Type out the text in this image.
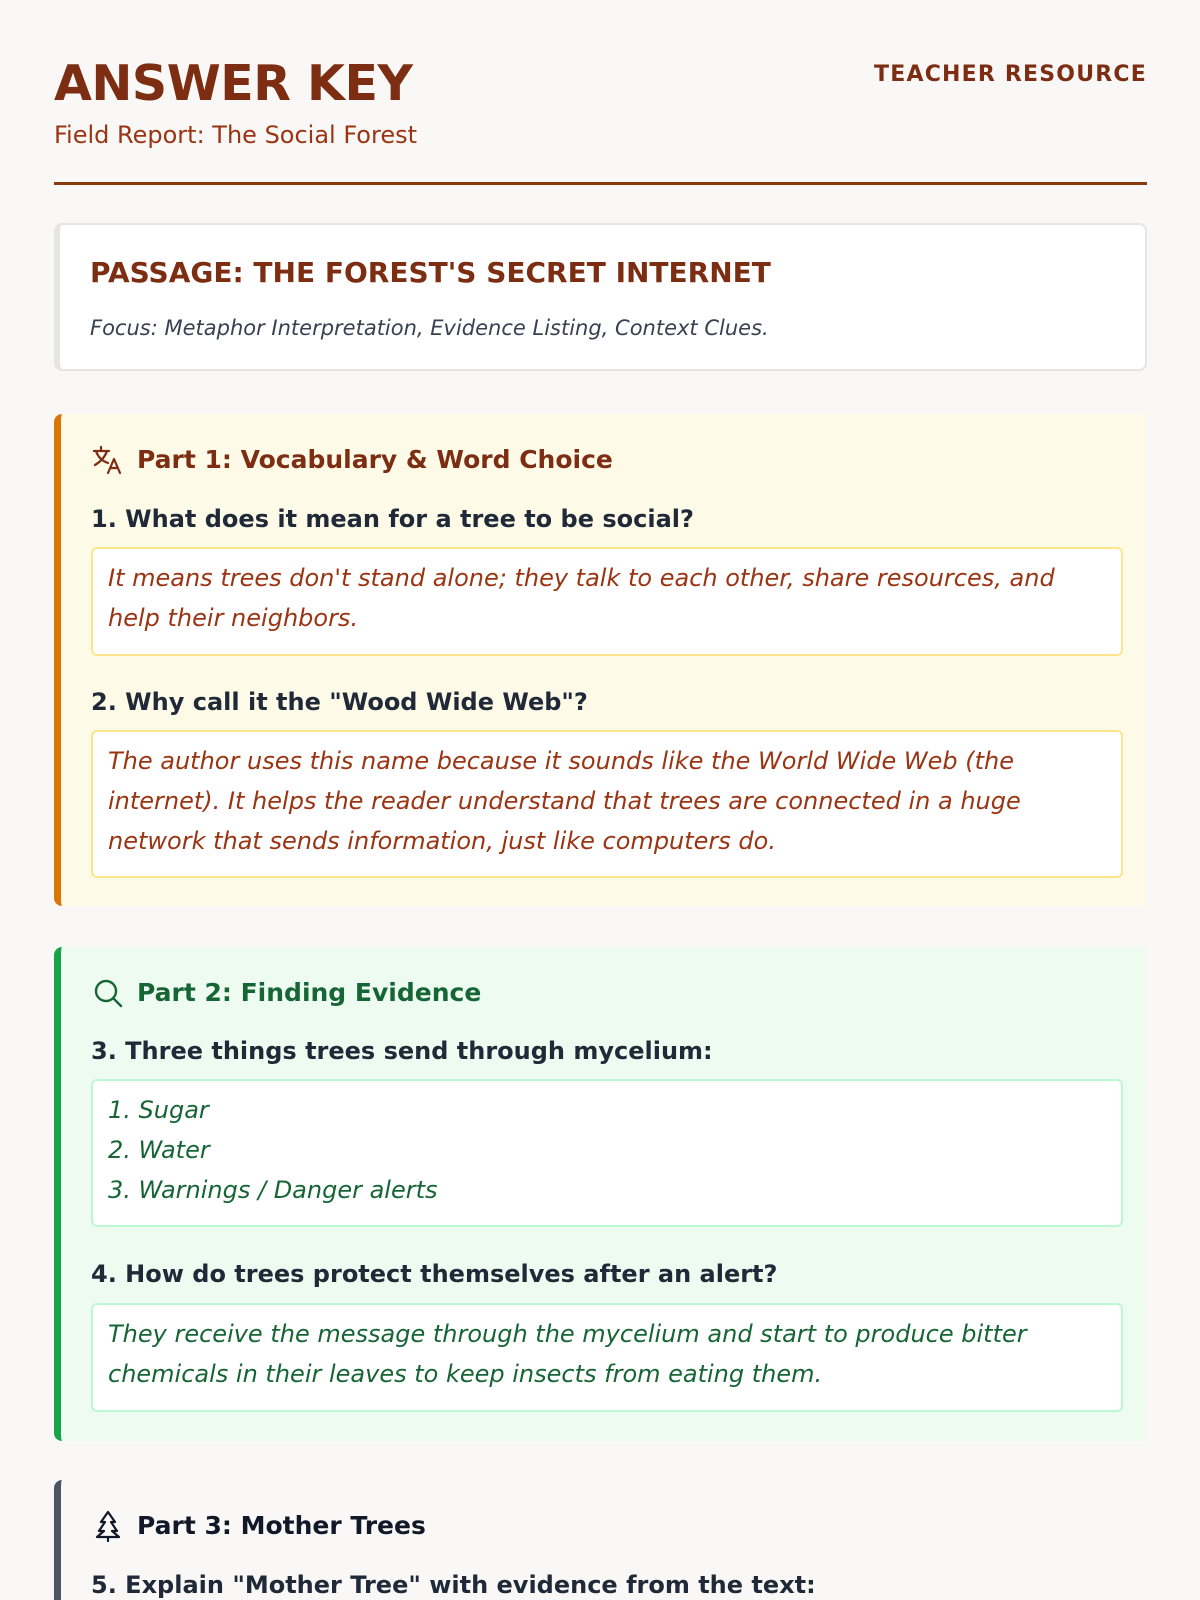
ANSWER KEY
Field Report: The Social Forest
TEACHER RESOURCE
PASSAGE: THE FOREST'S SECRET INTERNET
Focus: Metaphor Interpretation, Evidence Listing, Context Clues.
Part 1: Vocabulary & Word Choice
1. What does it mean for a tree to be social?
It means trees don't stand alone; they talk to each other, share resources, and help their neighbors.
2. Why call it the "Wood Wide Web"?
The author uses this name because it sounds like the World Wide Web (the internet). It helps the reader understand that trees are connected in a huge network that sends information, just like computers do.
Part 2: Finding Evidence
3. Three things trees send through mycelium:
1. Sugar
2. Water
3. Warnings / Danger alerts
4. How do trees protect themselves after an alert?
They receive the message through the mycelium and start to produce bitter chemicals in their leaves to keep insects from eating them.
Part 3: Mother Trees
5. Explain "Mother Tree" with evidence from the text:
